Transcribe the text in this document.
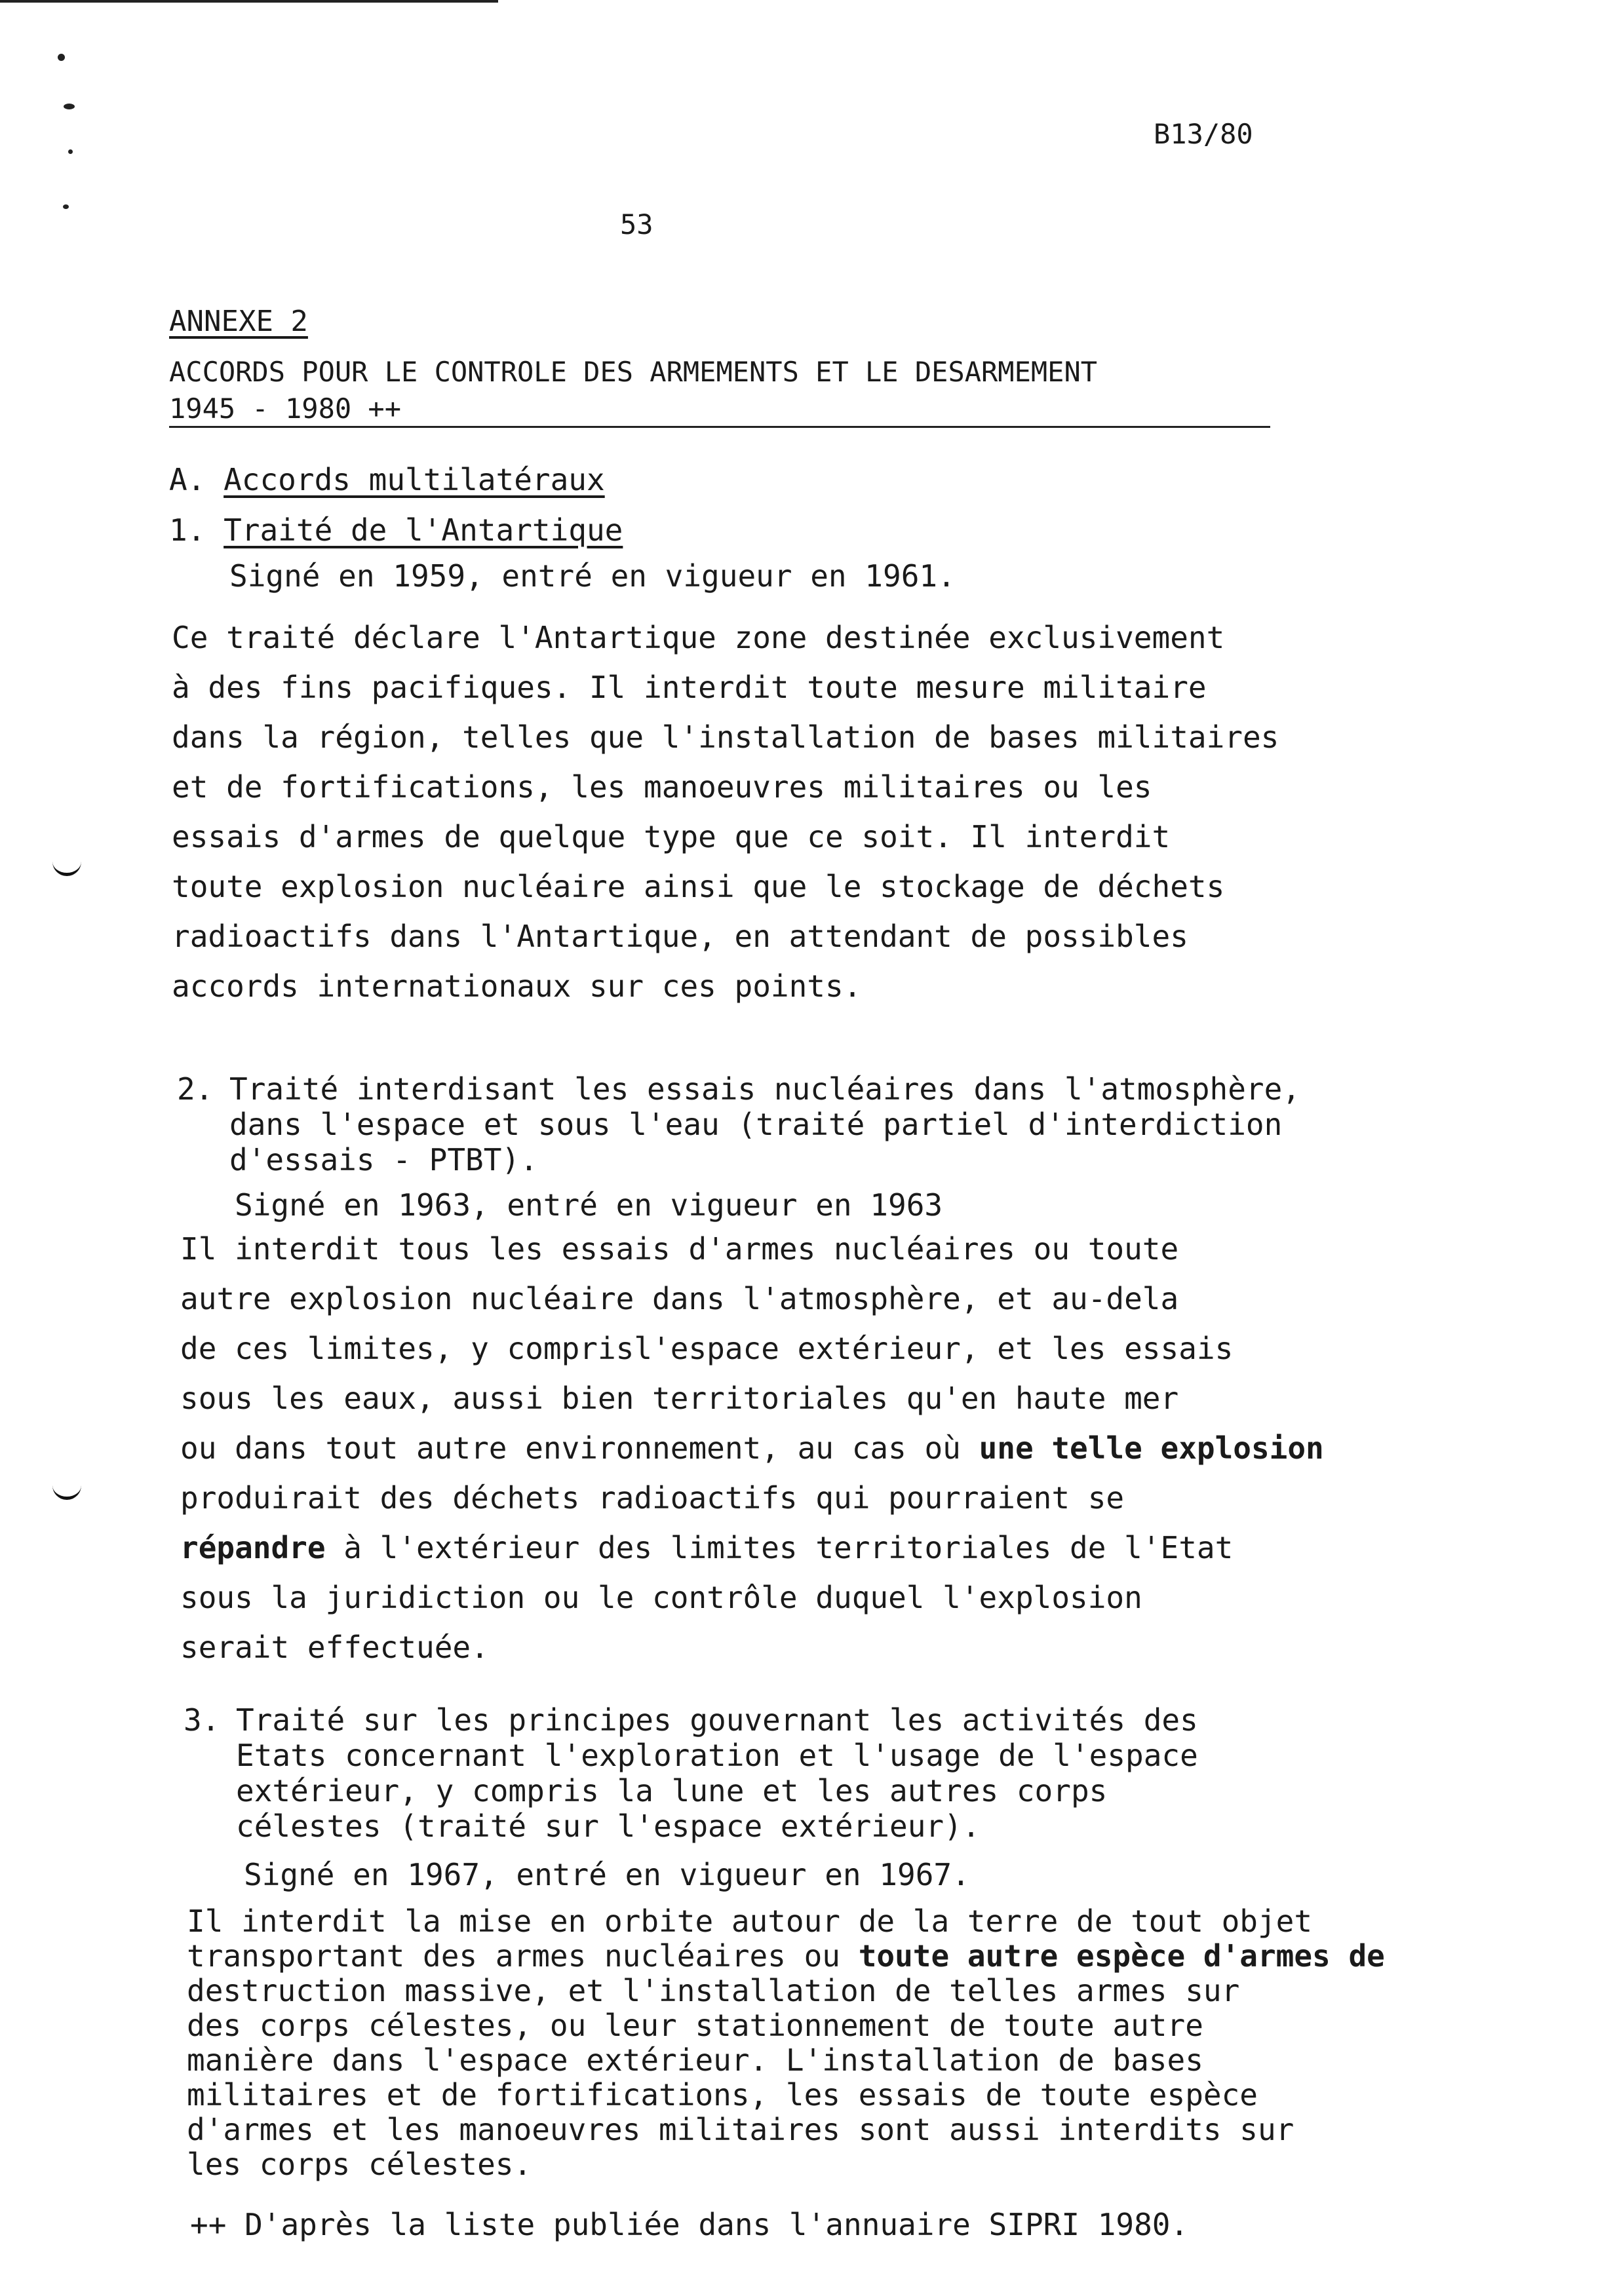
B13/80
53
ANNEXE 2
ACCORDS POUR LE CONTROLE DES ARMEMENTS ET LE DESARMEMENT
1945 - 1980 ++
A. Accords multilatéraux
1. Traité de l'Antartique
Signé en 1959, entré en vigueur en 1961.
Ce traité déclare l'Antartique zone destinée exclusivement
à des fins pacifiques. Il interdit toute mesure militaire
dans la région, telles que l'installation de bases militaires
et de fortifications, les manoeuvres militaires ou les
essais d'armes de quelque type que ce soit. Il interdit
toute explosion nucléaire ainsi que le stockage de déchets
radioactifs dans l'Antartique, en attendant de possibles
accords internationaux sur ces points.
2. Traité interdisant les essais nucléaires dans l'atmosphère,
dans l'espace et sous l'eau (traité partiel d'interdiction
d'essais - PTBT).
Signé en 1963, entré en vigueur en 1963
Il interdit tous les essais d'armes nucléaires ou toute
autre explosion nucléaire dans l'atmosphère, et au-dela
de ces limites, y comprisl'espace extérieur, et les essais
sous les eaux, aussi bien territoriales qu'en haute mer
ou dans tout autre environnement, au cas où une telle explosion
produirait des déchets radioactifs qui pourraient se
répandre à l'extérieur des limites territoriales de l'Etat
sous la juridiction ou le contrôle duquel l'explosion
serait effectuée.
3. Traité sur les principes gouvernant les activités des
Etats concernant l'exploration et l'usage de l'espace
extérieur, y compris la lune et les autres corps
célestes (traité sur l'espace extérieur).
Signé en 1967, entré en vigueur en 1967.
Il interdit la mise en orbite autour de la terre de tout objet
transportant des armes nucléaires ou toute autre espèce d'armes de
destruction massive, et l'installation de telles armes sur
des corps célestes, ou leur stationnement de toute autre
manière dans l'espace extérieur. L'installation de bases
militaires et de fortifications, les essais de toute espèce
d'armes et les manoeuvres militaires sont aussi interdits sur
les corps célestes.
++ D'après la liste publiée dans l'annuaire SIPRI 1980.
